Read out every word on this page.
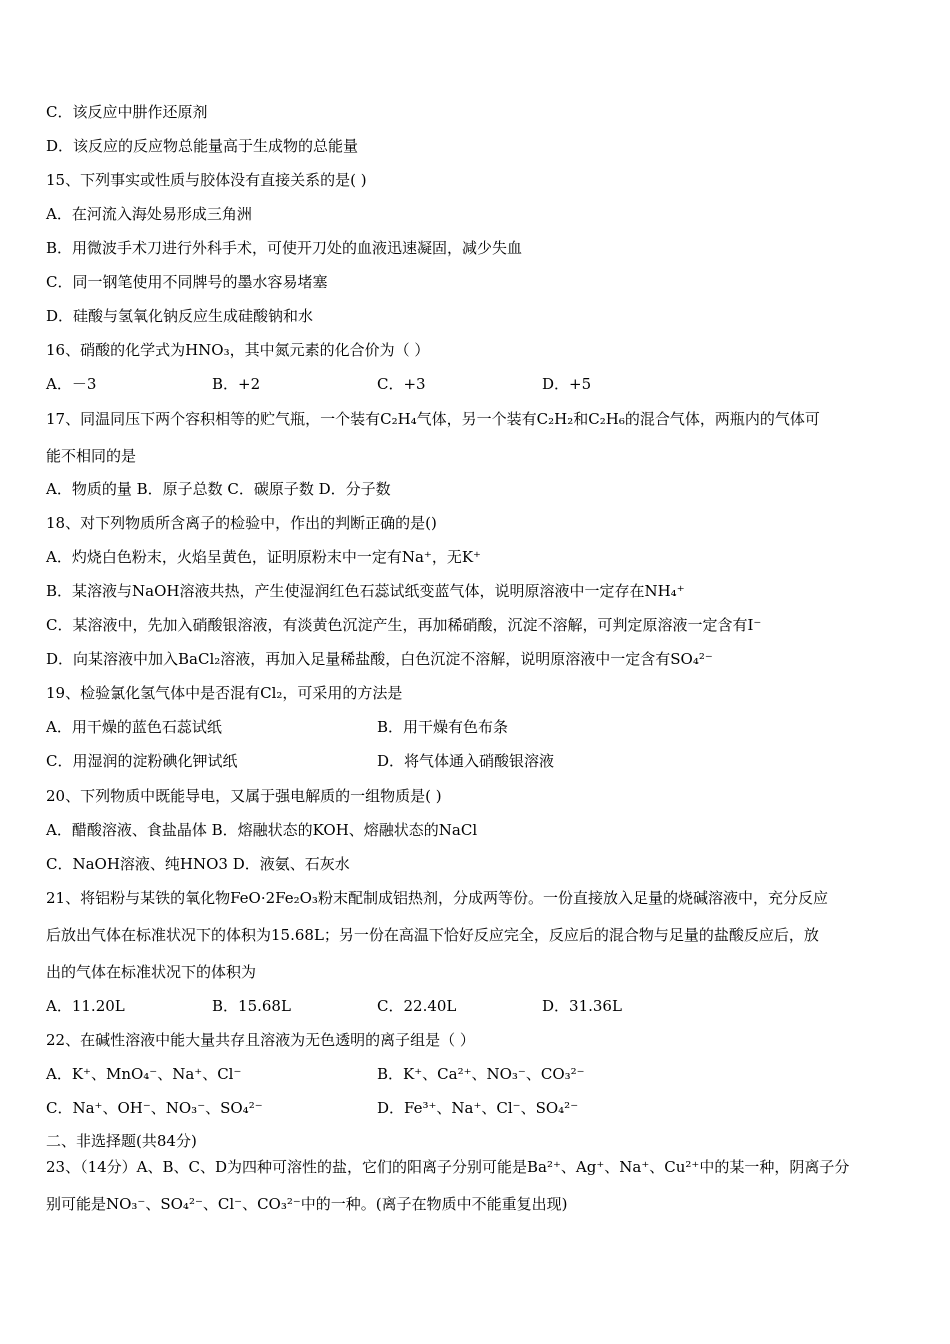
C．该反应中肼作还原剂
D．该反应的反应物总能量高于生成物的总能量
15、下列事实或性质与胶体没有直接关系的是( )
A．在河流入海处易形成三角洲
B．用微波手术刀进行外科手术，可使开刀处的血液迅速凝固，减少失血
C．同一钢笔使用不同牌号的墨水容易堵塞
D．硅酸与氢氧化钠反应生成硅酸钠和水
16、硝酸的化学式为HNO₃，其中氮元素的化合价为（ ）
A．－3	B．+2	C．+3	D．+5
17、同温同压下两个容积相等的贮气瓶，一个装有C₂H₄气体，另一个装有C₂H₂和C₂H₆的混合气体，两瓶内的气体可
能不相同的是
A．物质的量 B．原子总数 C．碳原子数 D．分子数
18、对下列物质所含离子的检验中，作出的判断正确的是()
A．灼烧白色粉末，火焰呈黄色，证明原粉末中一定有Na⁺，无K⁺
B．某溶液与NaOH溶液共热，产生使湿润红色石蕊试纸变蓝气体，说明原溶液中一定存在NH₄⁺
C．某溶液中，先加入硝酸银溶液，有淡黄色沉淀产生，再加稀硝酸，沉淀不溶解，可判定原溶液一定含有I⁻
D．向某溶液中加入BaCl₂溶液，再加入足量稀盐酸，白色沉淀不溶解，说明原溶液中一定含有SO₄²⁻
19、检验氯化氢气体中是否混有Cl₂，可采用的方法是
A．用干燥的蓝色石蕊试纸	B．用干燥有色布条
C．用湿润的淀粉碘化钾试纸	D．将气体通入硝酸银溶液
20、下列物质中既能导电，又属于强电解质的一组物质是( )
A．醋酸溶液、食盐晶体 B．熔融状态的KOH、熔融状态的NaCl
C．NaOH溶液、纯HNO3 D．液氨、石灰水
21、将铝粉与某铁的氧化物FeO·2Fe₂O₃粉末配制成铝热剂，分成两等份。一份直接放入足量的烧碱溶液中，充分反应
后放出气体在标准状况下的体积为15.68L；另一份在高温下恰好反应完全，反应后的混合物与足量的盐酸反应后，放
出的气体在标准状况下的体积为
A．11.20L	B．15.68L	C．22.40L	D．31.36L
22、在碱性溶液中能大量共存且溶液为无色透明的离子组是（ ）
A．K⁺、MnO₄⁻、Na⁺、Cl⁻	B．K⁺、Ca²⁺、NO₃⁻、CO₃²⁻
C．Na⁺、OH⁻、NO₃⁻、SO₄²⁻	D．Fe³⁺、Na⁺、Cl⁻、SO₄²⁻
二、非选择题(共84分)
23、（14分）A、B、C、D为四种可溶性的盐，它们的阳离子分别可能是Ba²⁺、Ag⁺、Na⁺、Cu²⁺中的某一种，阴离子分
别可能是NO₃⁻、SO₄²⁻、Cl⁻、CO₃²⁻中的一种。(离子在物质中不能重复出现)
